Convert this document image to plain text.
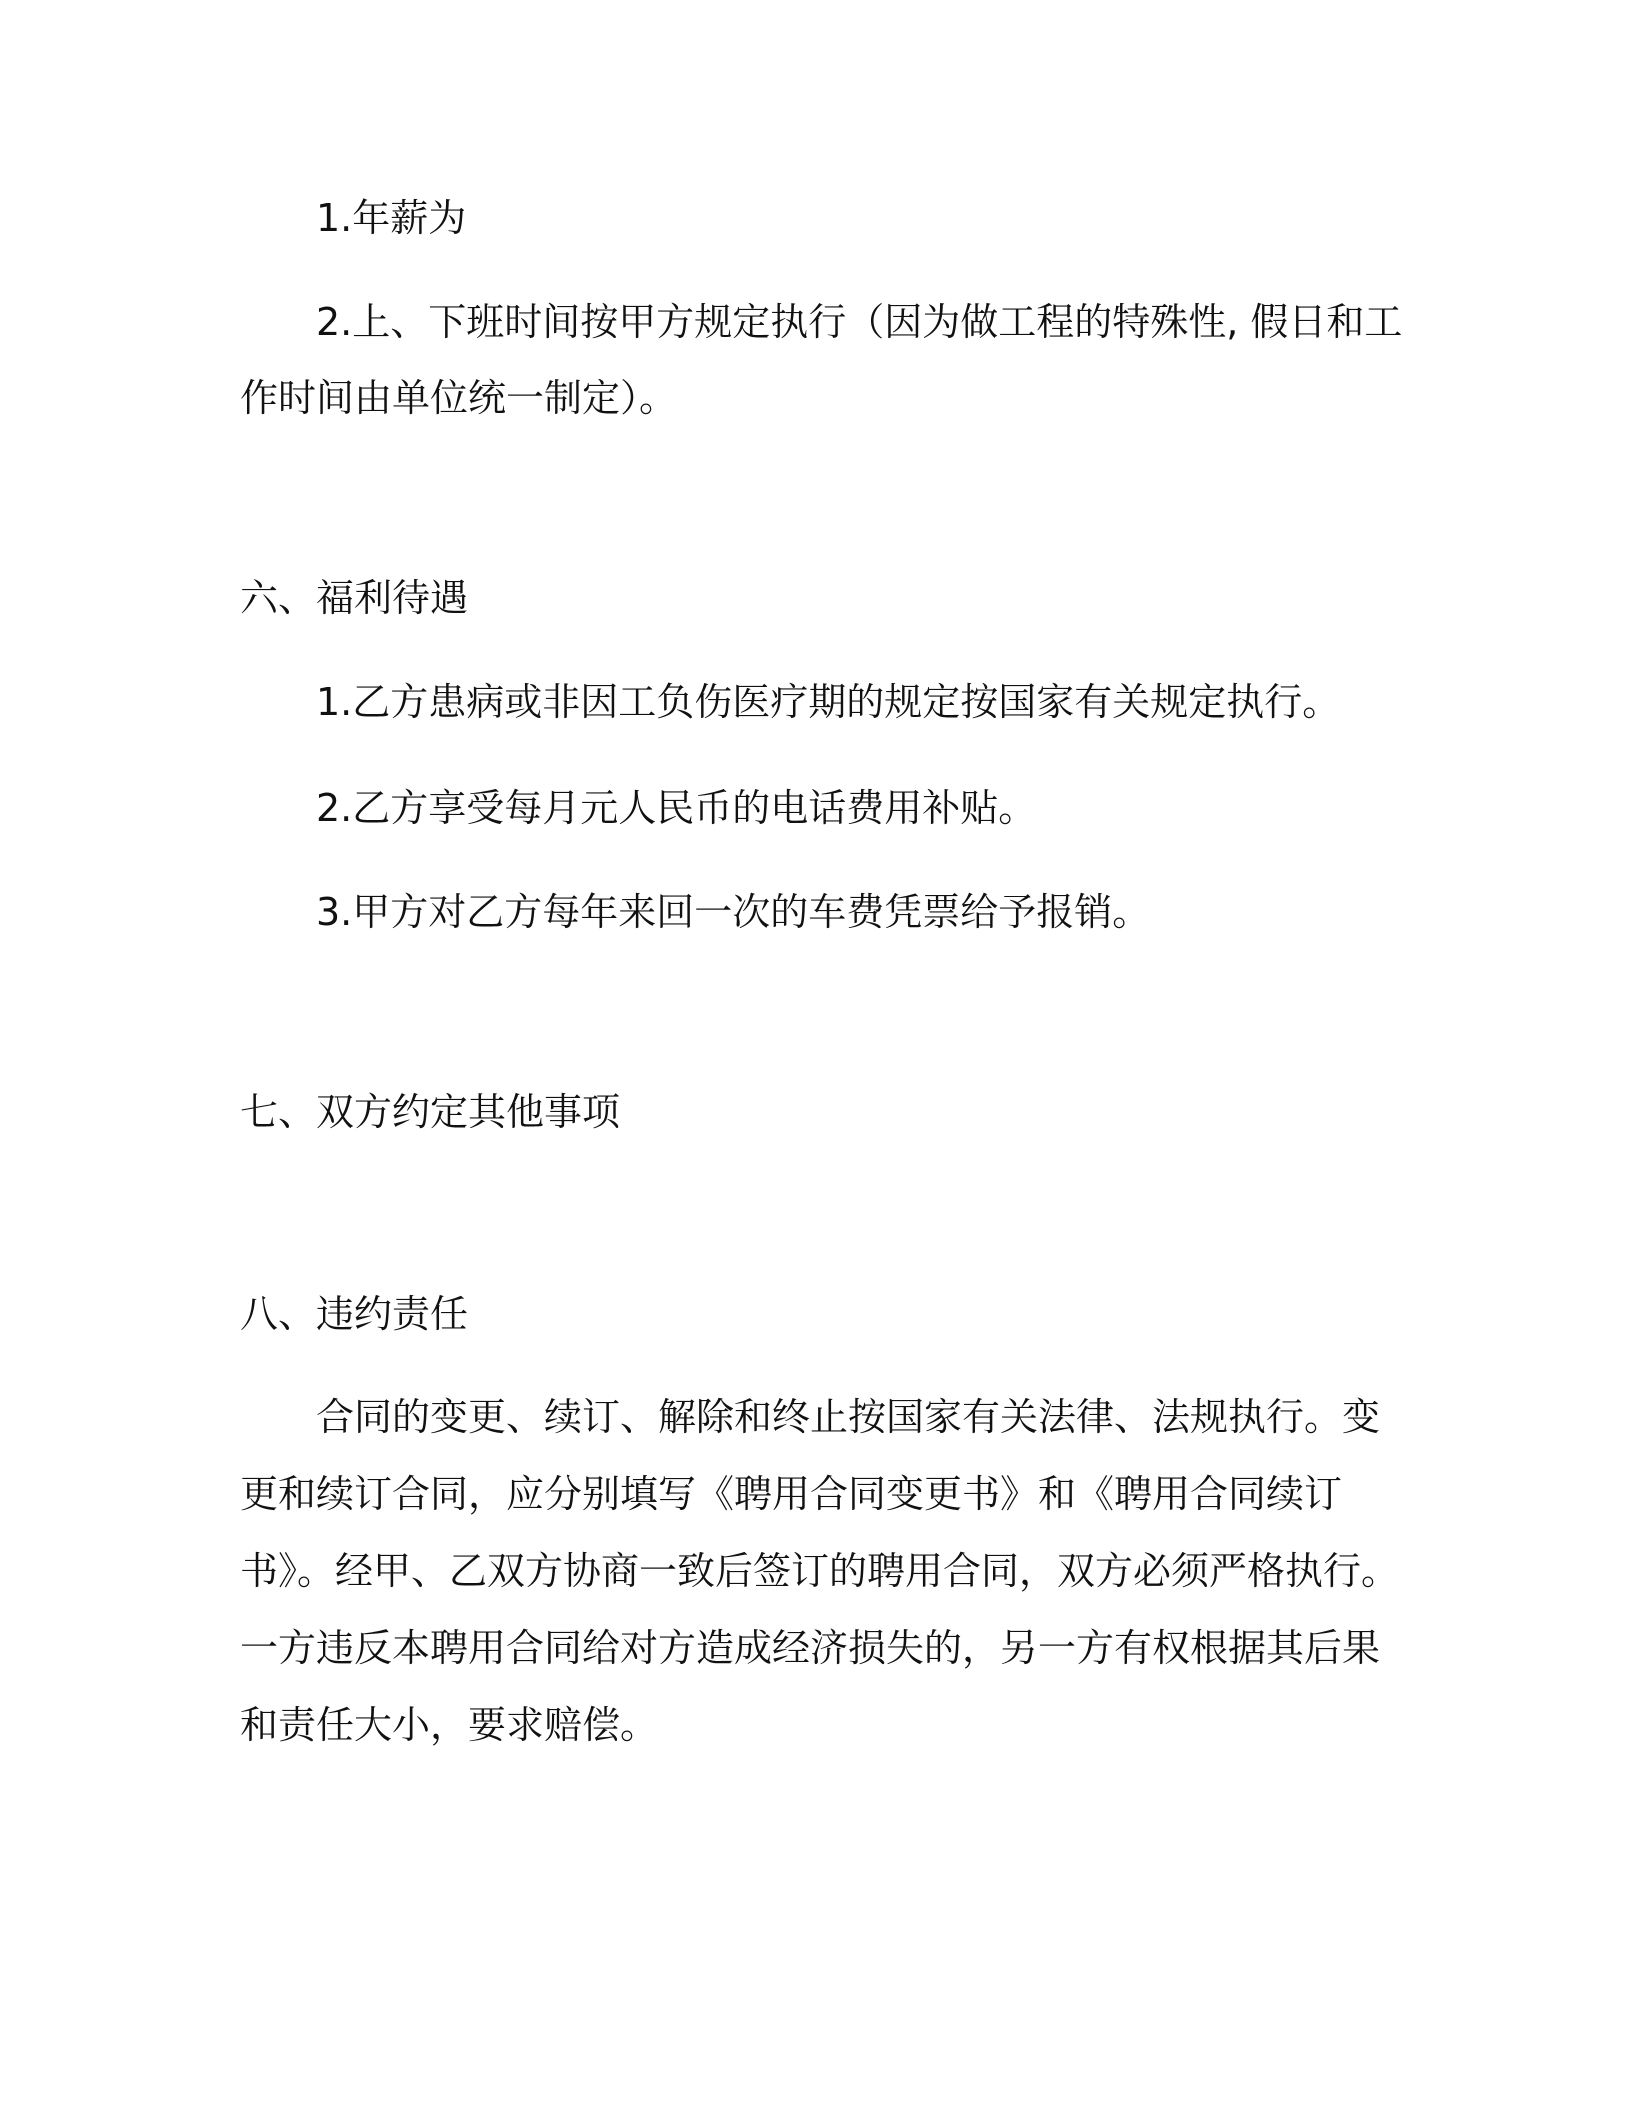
1.年薪为

2.上、下班时间按甲方规定执行（因为做工程的特殊性, 假日和工

作时间由单位统一制定）。

六、福利待遇

1.乙方患病或非因工负伤医疗期的规定按国家有关规定执行。

2.乙方享受每月元人民币的电话费用补贴。

3.甲方对乙方每年来回一次的车费凭票给予报销。

七、双方约定其他事项

八、违约责任

合同的变更、续订、解除和终止按国家有关法律、法规执行。变
更和续订合同，应分别填写《聘用合同变更书》和《聘用合同续订
书》。经甲、乙双方协商一致后签订的聘用合同，双方必须严格执行。
一方违反本聘用合同给对方造成经济损失的，另一方有权根据其后果
和责任大小，要求赔偿。
